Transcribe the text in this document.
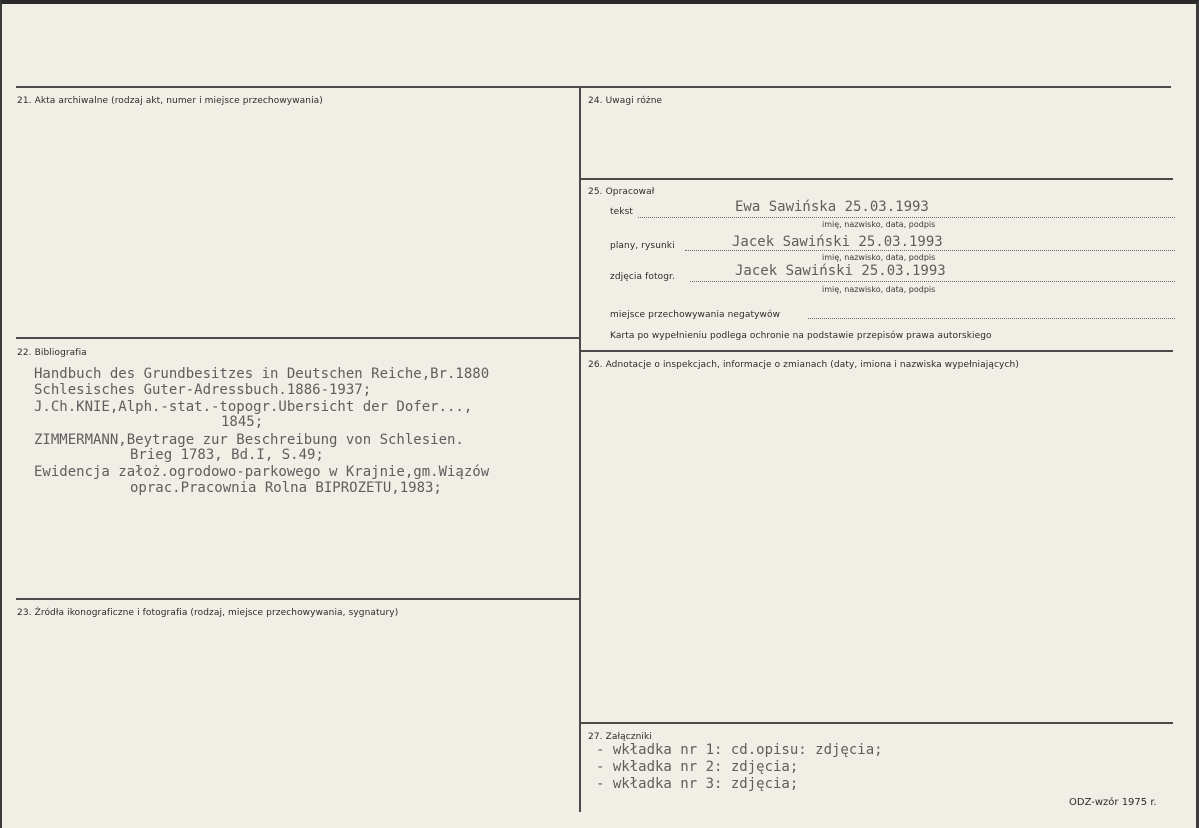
21. Akta archiwalne (rodzaj akt, numer i miejsce przechowywania)
22. Bibliografia
Handbuch des Grundbesitzes in Deutschen Reiche,Br.1880
Schlesisches Guter-Adressbuch.1886-1937;
J.Ch.KNIE,Alph.-stat.-topogr.Ubersicht der Dofer...,
1845;
ZIMMERMANN,Beytrage zur Beschreibung von Schlesien.
Brieg 1783, Bd.I, S.49;
Ewidencja założ.ogrodowo-parkowego w Krajnie,gm.Wiązów
oprac.Pracownia Rolna BIPROZETU,1983;
23. Źródła ikonograficzne i fotografia (rodzaj, miejsce przechowywania, sygnatury)
24. Uwagi różne
25. Opracował
tekst	Ewa Sawińska 25.03.1993
imię, nazwisko, data, podpis
plany, rysunki	Jacek Sawiński 25.03.1993
imię, nazwisko, data, podpis
zdjęcia fotogr.	Jacek Sawiński 25.03.1993
imię, nazwisko, data, podpis
miejsce przechowywania negatywów
Karta po wypełnieniu podlega ochronie na podstawie przepisów prawa autorskiego
26. Adnotacje o inspekcjach, informacje o zmianach (daty, imiona i nazwiska wypełniających)
27. Załączniki
- wkładka nr 1: cd.opisu: zdjęcia;
- wkładka nr 2: zdjęcia;
- wkładka nr 3: zdjęcia;
ODZ-wzór 1975 r.
